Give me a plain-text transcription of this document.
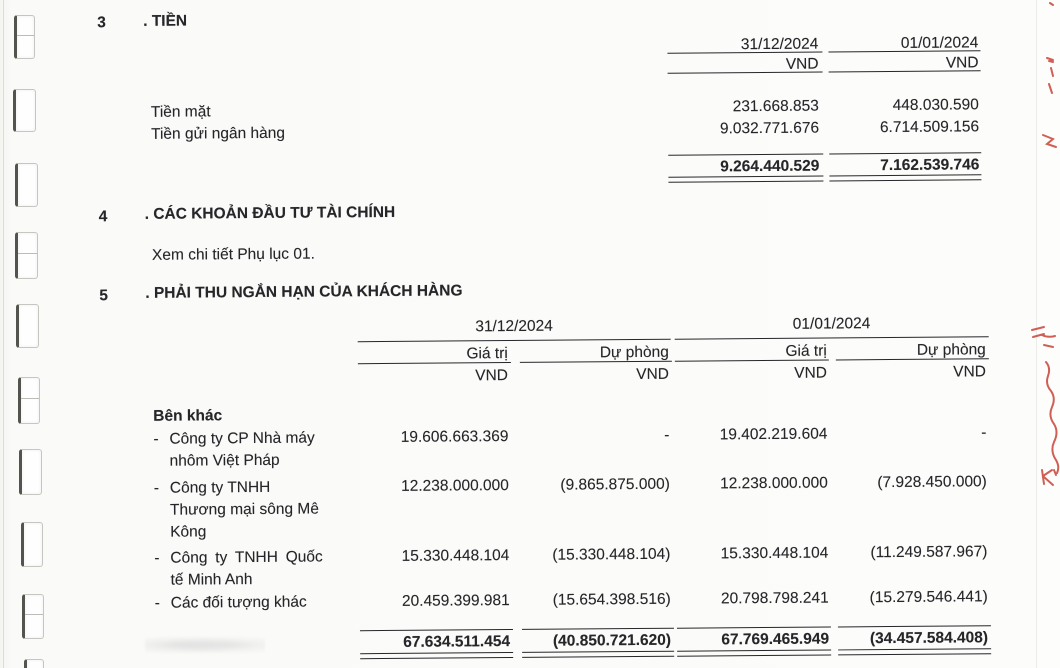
3 . TIỀN
31/12/2024	01/01/2024
VND	VND
Tiền mặt	231.668.853	448.030.590
Tiền gửi ngân hàng	9.032.771.676	6.714.509.156
9.264.440.529	7.162.539.746
4 . CÁC KHOẢN ĐẦU TƯ TÀI CHÍNH
Xem chi tiết Phụ lục 01.
5 . PHẢI THU NGẮN HẠN CỦA KHÁCH HÀNG
31/12/2024	01/01/2024
Giá trị	Dự phòng	Giá trị	Dự phòng
VND	VND	VND	VND
Bên khác
- Công ty CP Nhà máy
nhôm Việt Pháp
19.606.663.369	-	19.402.219.604	-
- Công ty TNHH
Thương mại sông Mê
Kông
12.238.000.000	(9.865.875.000)	12.238.000.000	(7.928.450.000)
- Công ty TNHH Quốc
tế Minh Anh
15.330.448.104	(15.330.448.104)	15.330.448.104	(11.249.587.967)
- Các đối tượng khác	20.459.399.981	(15.654.398.516)	20.798.798.241	(15.279.546.441)
67.634.511.454	(40.850.721.620)	67.769.465.949	(34.457.584.408)
